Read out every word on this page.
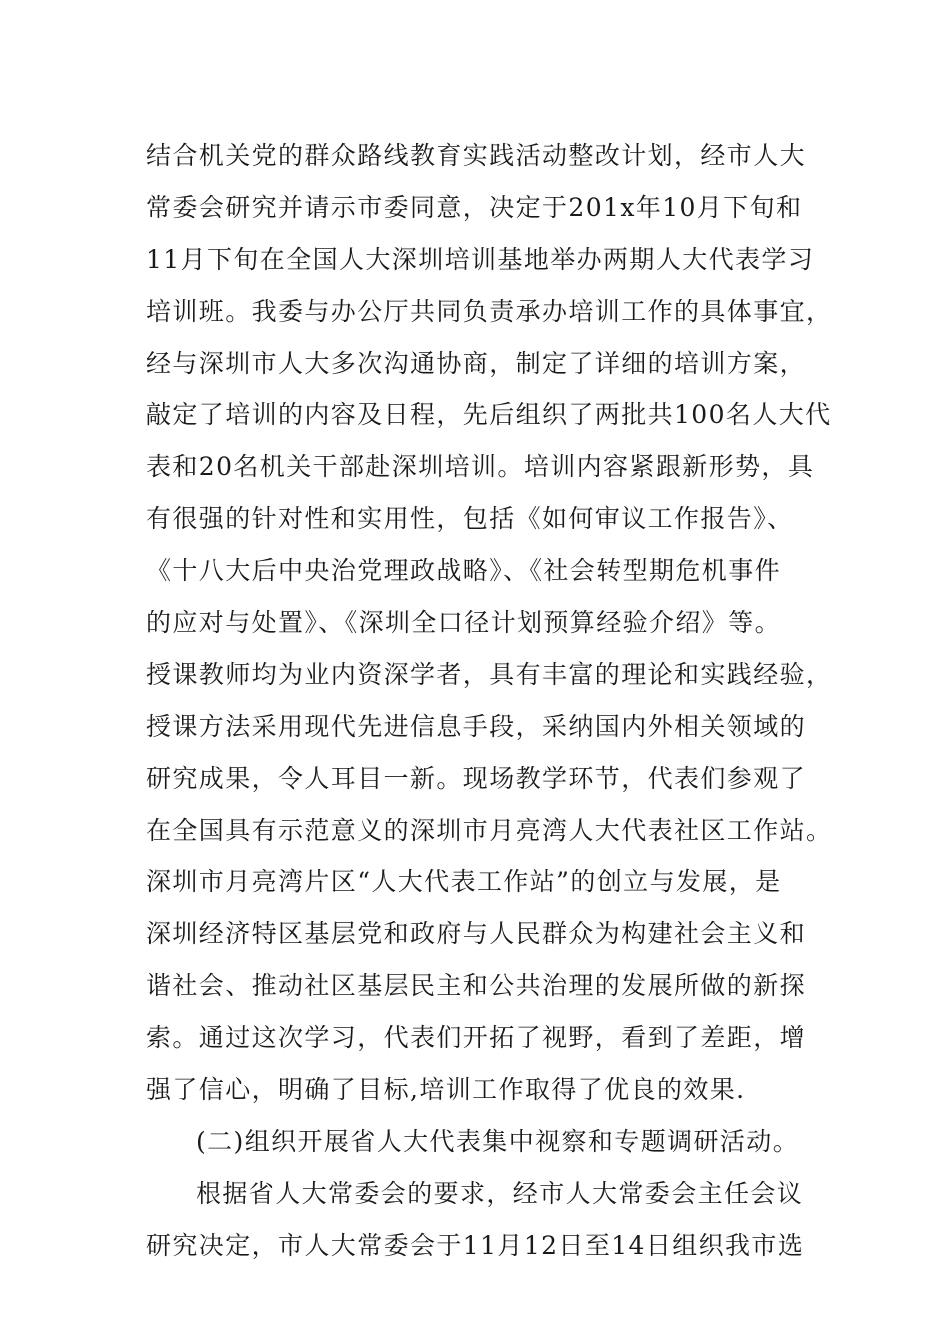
结合机关党的群众路线教育实践活动整改计划，经市人大
常委会研究并请示市委同意，决定于201x年10月下旬和
11月下旬在全国人大深圳培训基地举办两期人大代表学习
培训班。我委与办公厅共同负责承办培训工作的具体事宜，
经与深圳市人大多次沟通协商，制定了详细的培训方案，
敲定了培训的内容及日程，先后组织了两批共100名人大代
表和20名机关干部赴深圳培训。培训内容紧跟新形势，具
有很强的针对性和实用性，包括《如何审议工作报告》、
《十八大后中央治党理政战略》、《社会转型期危机事件
的应对与处置》、《深圳全口径计划预算经验介绍》等。
授课教师均为业内资深学者，具有丰富的理论和实践经验，
授课方法采用现代先进信息手段，采纳国内外相关领域的
研究成果，令人耳目一新。现场教学环节，代表们参观了
在全国具有示范意义的深圳市月亮湾人大代表社区工作站。
深圳市月亮湾片区“人大代表工作站”的创立与发展，是
深圳经济特区基层党和政府与人民群众为构建社会主义和
谐社会、推动社区基层民主和公共治理的发展所做的新探
索。通过这次学习，代表们开拓了视野，看到了差距，增
强了信心，明确了目标,培训工作取得了优良的效果.
(二)组织开展省人大代表集中视察和专题调研活动。
根据省人大常委会的要求，经市人大常委会主任会议
研究决定，市人大常委会于11月12日至14日组织我市选
